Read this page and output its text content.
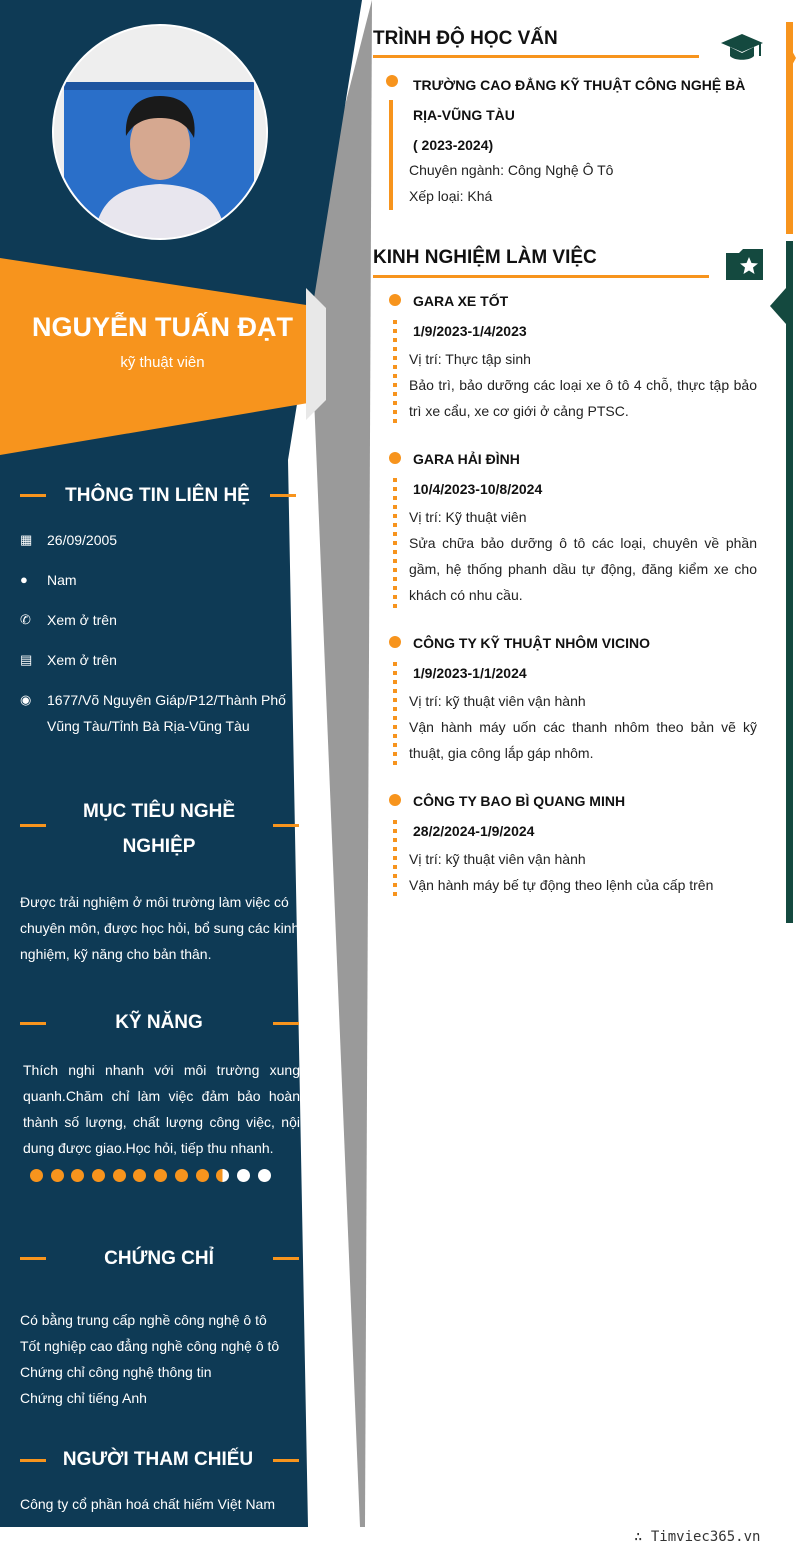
NGUYỄN TUẤN ĐẠT
kỹ thuật viên
THÔNG TIN LIÊN HỆ
▦	26/09/2005
●	Nam
✆	Xem ở trên
▤	Xem ở trên
◉	1677/Võ Nguyên Giáp/P12/Thành Phố Vũng Tàu/Tỉnh Bà Rịa-Vũng Tàu
MỤC TIÊU NGHỀ
NGHIỆP
Được trải nghiệm ở môi trường làm việc có chuyên môn, được học hỏi, bổ sung các kinh nghiệm, kỹ năng cho bản thân.
KỸ NĂNG
Thích nghi nhanh với môi trường xung quanh.Chăm chỉ làm việc đảm bảo hoàn thành số lượng, chất lượng công việc, nội dung được giao.Học hỏi, tiếp thu nhanh.
CHỨNG CHỈ
Có bằng trung cấp nghề công nghệ ô tô
Tốt nghiệp cao đẳng nghề công nghệ ô tô
Chứng chỉ công nghệ thông tin
Chứng chỉ tiếng Anh
NGƯỜI THAM CHIẾU
Công ty cổ phần hoá chất hiếm Việt Nam
TRÌNH ĐỘ HỌC VẤN
TRƯỜNG CAO ĐẲNG KỸ THUẬT CÔNG NGHỆ BÀ
RỊA-VŨNG TÀU
( 2023-2024)
Chuyên ngành: Công Nghệ Ô Tô
Xếp loại: Khá
KINH NGHIỆM LÀM VIỆC
GARA XE TỐT
1/9/2023-1/4/2023
Vị trí: Thực tập sinh
Bảo trì, bảo dưỡng các loại xe ô tô 4 chỗ, thực tập bảo trì xe cẩu, xe cơ giới ở cảng PTSC.
GARA HẢI ĐÌNH
10/4/2023-10/8/2024
Vị trí: Kỹ thuật viên
Sửa chữa bảo dưỡng ô tô các loại, chuyên về phần gầm, hệ thống phanh dầu tự động, đăng kiểm xe cho khách có nhu cầu.
CÔNG TY KỸ THUẬT NHÔM VICINO
1/9/2023-1/1/2024
Vị trí: kỹ thuật viên vận hành
Vận hành máy uốn các thanh nhôm theo bản vẽ kỹ thuật, gia công lắp gáp nhôm.
CÔNG TY BAO BÌ QUANG MINH
28/2/2024-1/9/2024
Vị trí: kỹ thuật viên vận hành
Vận hành máy bế tự động theo lệnh của cấp trên
∴ Timviec365.vn
